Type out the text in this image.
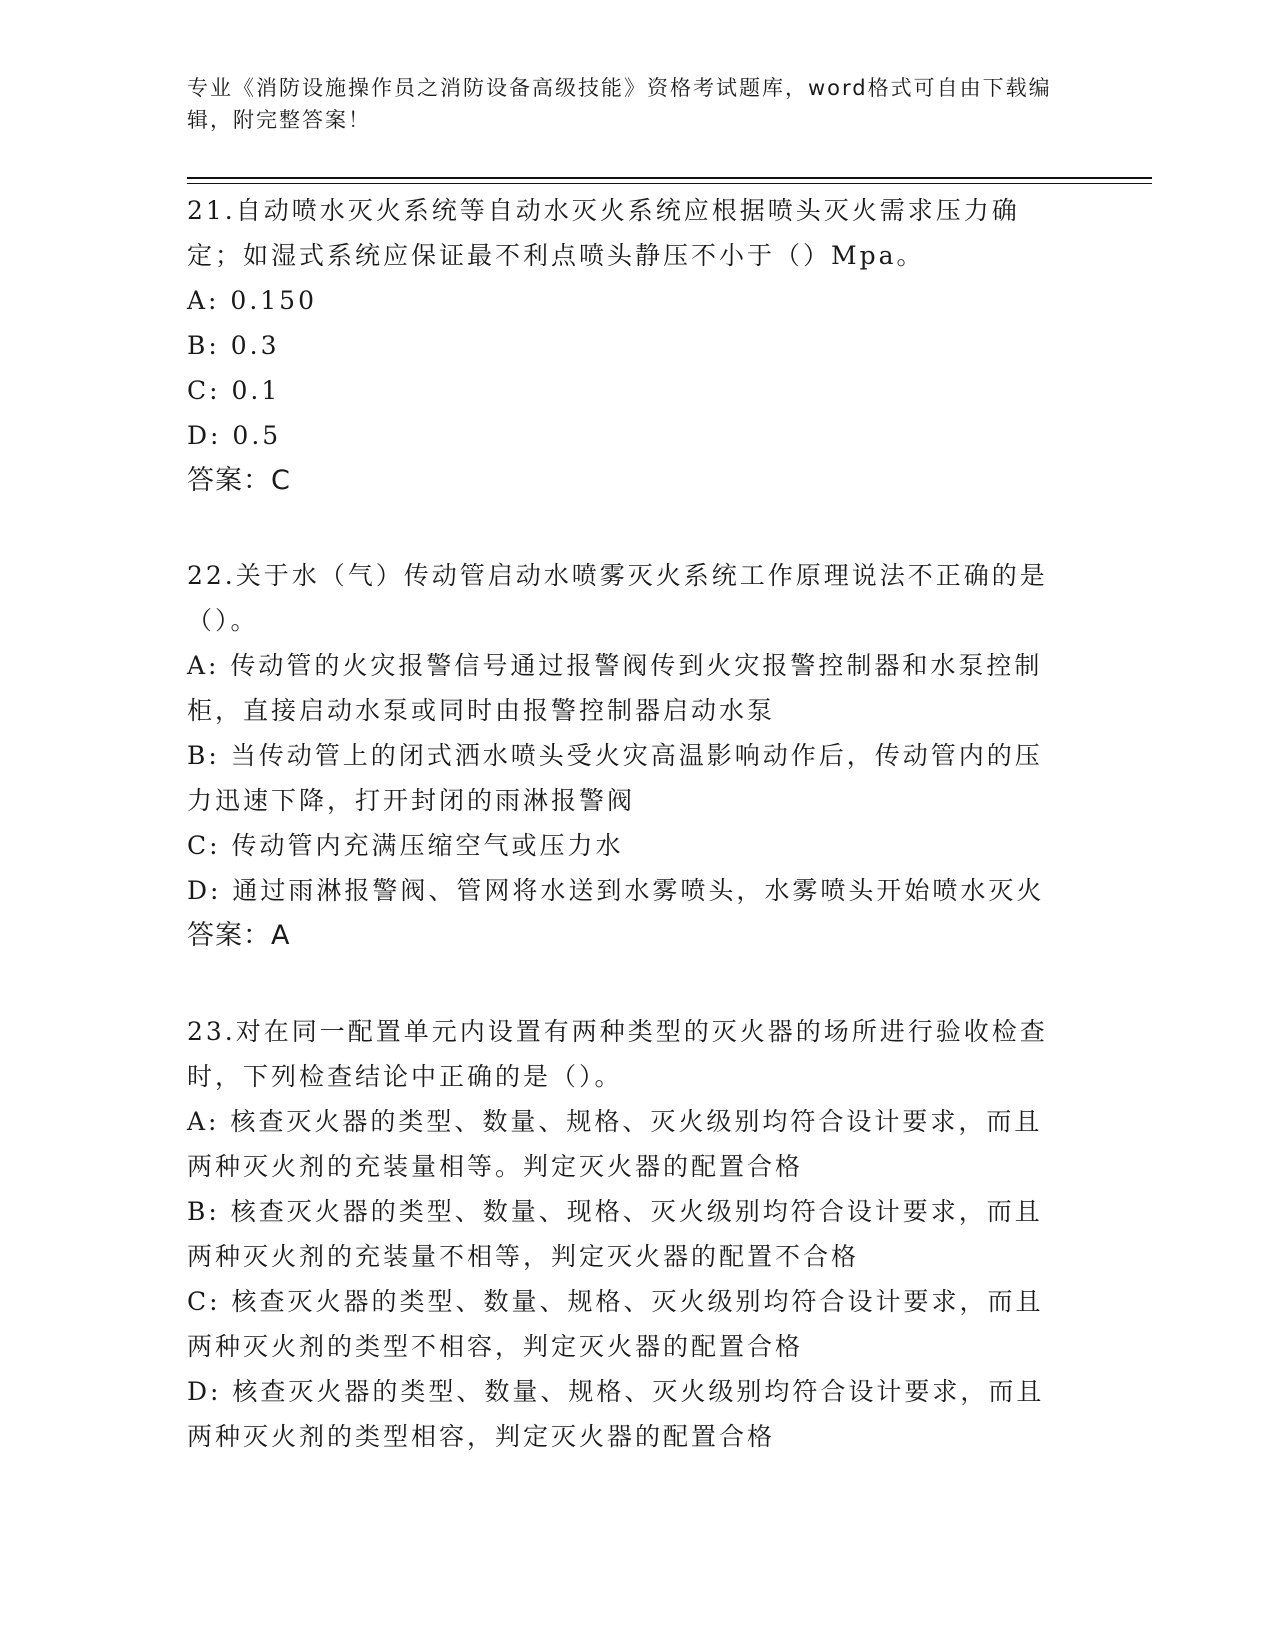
专业《消防设施操作员之消防设备高级技能》资格考试题库，word格式可自由下载编辑，附完整答案！
21.自动喷水灭火系统等自动水灭火系统应根据喷头灭火需求压力确定；如湿式系统应保证最不利点喷头静压不小于（）Mpa。
A: 0.150
B: 0.3
C: 0.1
D: 0.5
答案：C
22.关于水（气）传动管启动水喷雾灭火系统工作原理说法不正确的是（）。
A: 传动管的火灾报警信号通过报警阀传到火灾报警控制器和水泵控制柜，直接启动水泵或同时由报警控制器启动水泵
B: 当传动管上的闭式洒水喷头受火灾高温影响动作后，传动管内的压力迅速下降，打开封闭的雨淋报警阀
C: 传动管内充满压缩空气或压力水
D: 通过雨淋报警阀、管网将水送到水雾喷头，水雾喷头开始喷水灭火
答案：A
23.对在同一配置单元内设置有两种类型的灭火器的场所进行验收检查时，下列检查结论中正确的是（）。
A: 核查灭火器的类型、数量、规格、灭火级别均符合设计要求，而且两种灭火剂的充装量相等。判定灭火器的配置合格
B: 核查灭火器的类型、数量、现格、灭火级别均符合设计要求，而且两种灭火剂的充装量不相等，判定灭火器的配置不合格
C: 核查灭火器的类型、数量、规格、灭火级别均符合设计要求，而且两种灭火剂的类型不相容，判定灭火器的配置合格
D: 核查灭火器的类型、数量、规格、灭火级别均符合设计要求，而且两种灭火剂的类型相容，判定灭火器的配置合格
